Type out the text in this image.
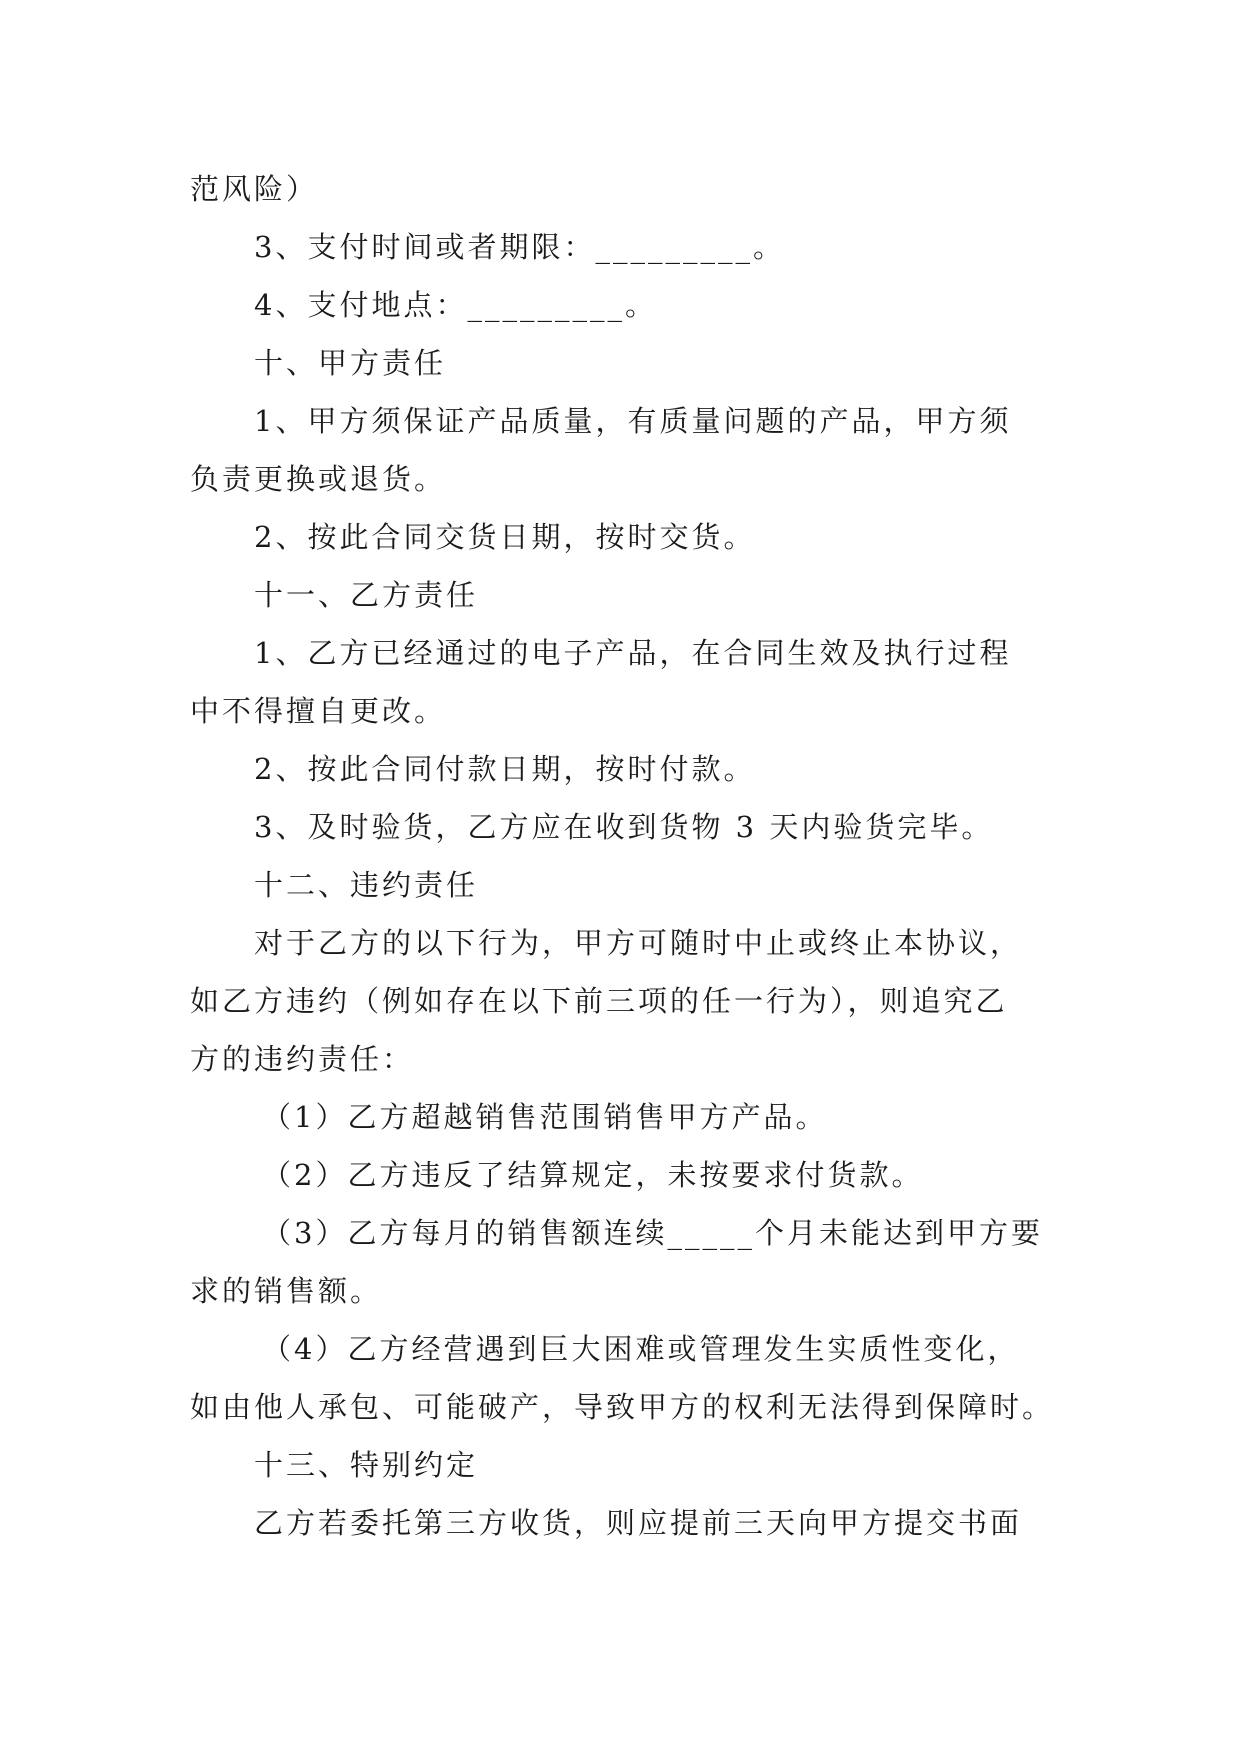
范风险）

3、支付时间或者期限：_________。

4、支付地点：_________。

十、甲方责任

1、甲方须保证产品质量，有质量问题的产品，甲方须

负责更换或退货。

2、按此合同交货日期，按时交货。

十一、乙方责任

1、乙方已经通过的电子产品，在合同生效及执行过程

中不得擅自更改。

2、按此合同付款日期，按时付款。

3、及时验货，乙方应在收到货物 3 天内验货完毕。

十二、违约责任

对于乙方的以下行为，甲方可随时中止或终止本协议，

如乙方违约（例如存在以下前三项的任一行为），则追究乙

方的违约责任：

（1）乙方超越销售范围销售甲方产品。

（2）乙方违反了结算规定，未按要求付货款。

（3）乙方每月的销售额连续_____个月未能达到甲方要

求的销售额。

（4）乙方经营遇到巨大困难或管理发生实质性变化，

如由他人承包、可能破产，导致甲方的权利无法得到保障时。

十三、特别约定

乙方若委托第三方收货，则应提前三天向甲方提交书面
